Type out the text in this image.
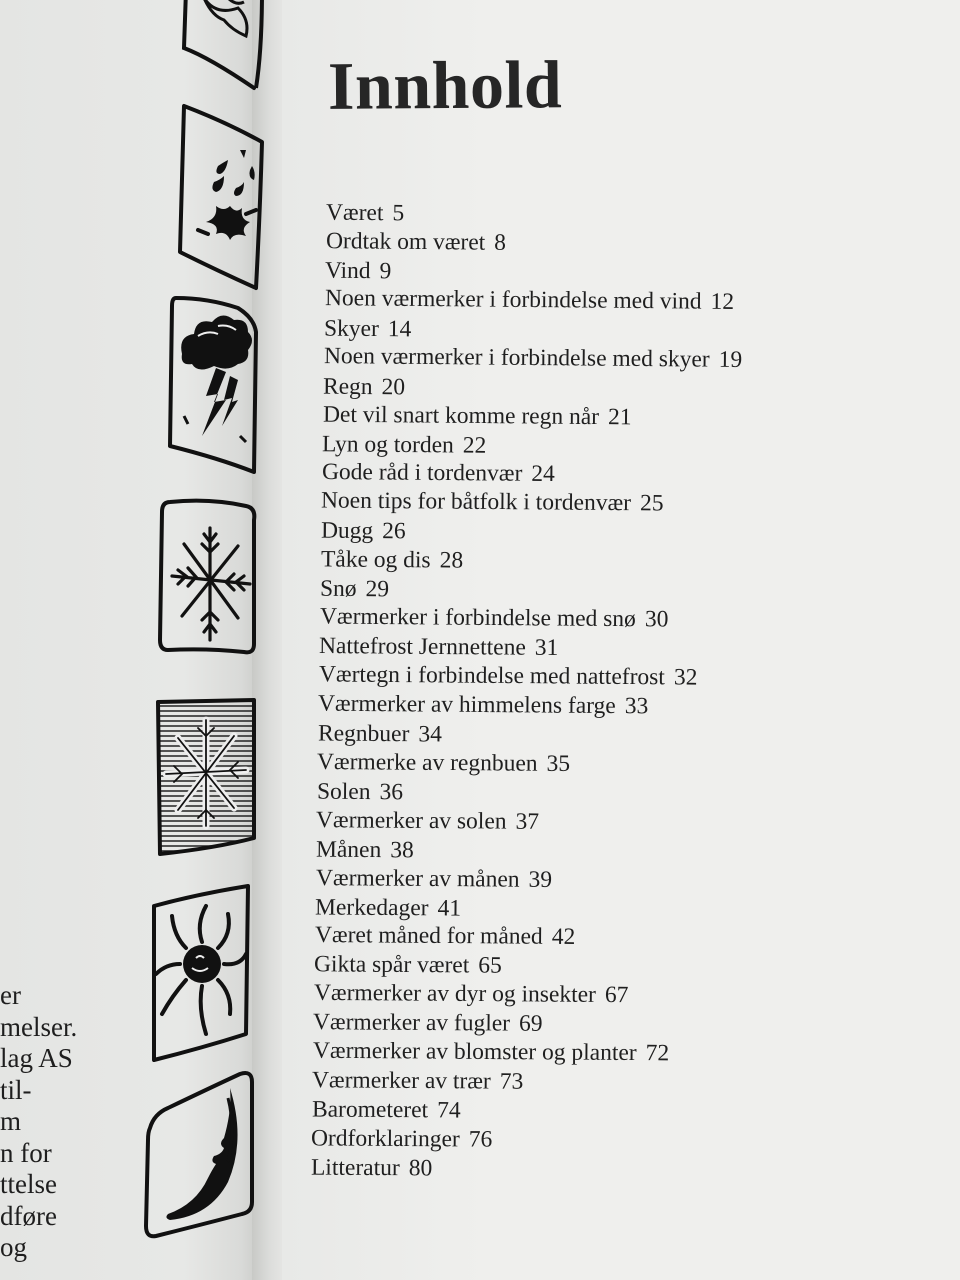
er
melser.
lag AS
til-
m
n for
ttelse
dføre
og
Innhold
Været 5
Ordtak om været 8
Vind 9
Noen værmerker i forbindelse med vind 12
Skyer 14
Noen værmerker i forbindelse med skyer 19
Regn 20
Det vil snart komme regn når 21
Lyn og torden 22
Gode råd i tordenvær 24
Noen tips for båtfolk i tordenvær 25
Dugg 26
Tåke og dis 28
Snø 29
Værmerker i forbindelse med snø 30
Nattefrost Jernnettene 31
Værtegn i forbindelse med nattefrost 32
Værmerker av himmelens farge 33
Regnbuer 34
Værmerke av regnbuen 35
Solen 36
Værmerker av solen 37
Månen 38
Værmerker av månen 39
Merkedager 41
Været måned for måned 42
Gikta spår været 65
Værmerker av dyr og insekter 67
Værmerker av fugler 69
Værmerker av blomster og planter 72
Værmerker av trær 73
Barometeret 74
Ordforklaringer 76
Litteratur 80
